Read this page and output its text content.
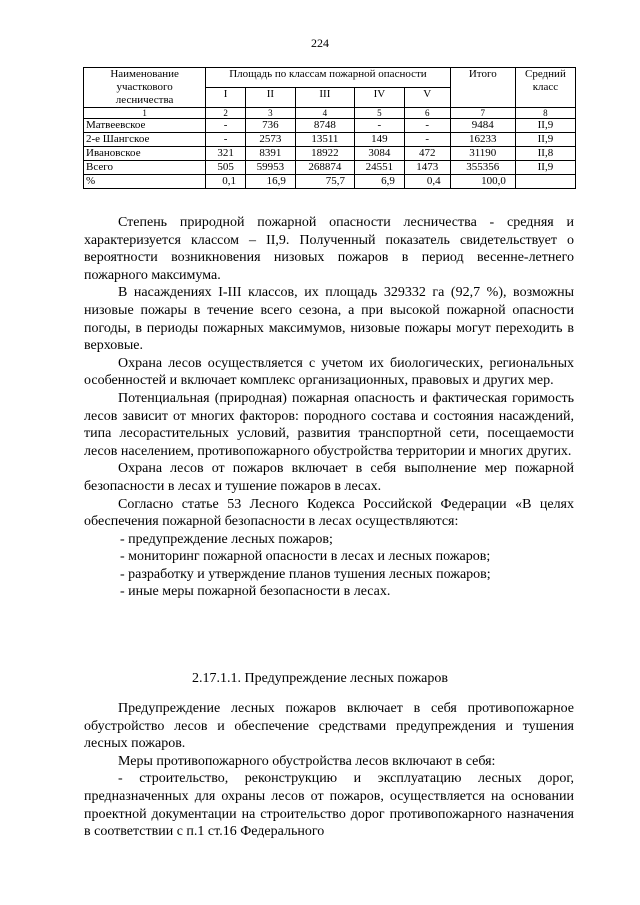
224
Наименование участкового лесничества	Площадь по классам пожарной опасности					Итого	Средний класс
	I	II	III	IV	V		
1	2	3	4	5	6	7	8
Матвеевское	-	736	8748	-	-	9484	II,9
2-е Шангское	-	2573	13511	149	-	16233	II,9
Ивановское	321	8391	18922	3084	472	31190	II,8
Всего	505	59953	268874	24551	1473	355356	II,9
%	0,1	16,9	75,7	6,9	0,4	100,0	

Степень природной пожарной опасности лесничества - средняя и характеризуется классом – II,9. Полученный показатель свидетельствует о вероятности возникновения низовых пожаров в период весенне-летнего пожарного максимума.

В насаждениях I-III классов, их площадь 329332 га (92,7 %), возможны низовые пожары в течение всего сезона, а при высокой пожарной опасности погоды, в периоды пожарных максимумов, низовые пожары могут переходить в верховые.

Охрана лесов осуществляется с учетом их биологических, региональных особенностей и включает комплекс организационных, правовых и других мер.

Потенциальная (природная) пожарная опасность и фактическая горимость лесов зависит от многих факторов: породного состава и состояния насаждений, типа лесорастительных условий, развития транспортной сети, посещаемости лесов населением, противопожарного обустройства территории и многих других.

Охрана лесов от пожаров включает в себя выполнение мер пожарной безопасности в лесах и тушение пожаров в лесах.

Согласно статье 53 Лесного Кодекса Российской Федерации «В целях обеспечения пожарной безопасности в лесах осуществляются:

- предупреждение лесных пожаров;

- мониторинг пожарной опасности в лесах и лесных пожаров;

- разработку и утверждение планов тушения лесных пожаров;

- иные меры пожарной безопасности в лесах.

2.17.1.1. Предупреждение лесных пожаров

Предупреждение лесных пожаров включает в себя противопожарное обустройство лесов и обеспечение средствами предупреждения и тушения лесных пожаров.

Меры противопожарного обустройства лесов включают в себя:

- строительство, реконструкцию и эксплуатацию лесных дорог, предназначенных для охраны лесов от пожаров, осуществляется на основании проектной документации на строительство дорог противопожарного назначения в соответствии с п.1 ст.16 Федерального
